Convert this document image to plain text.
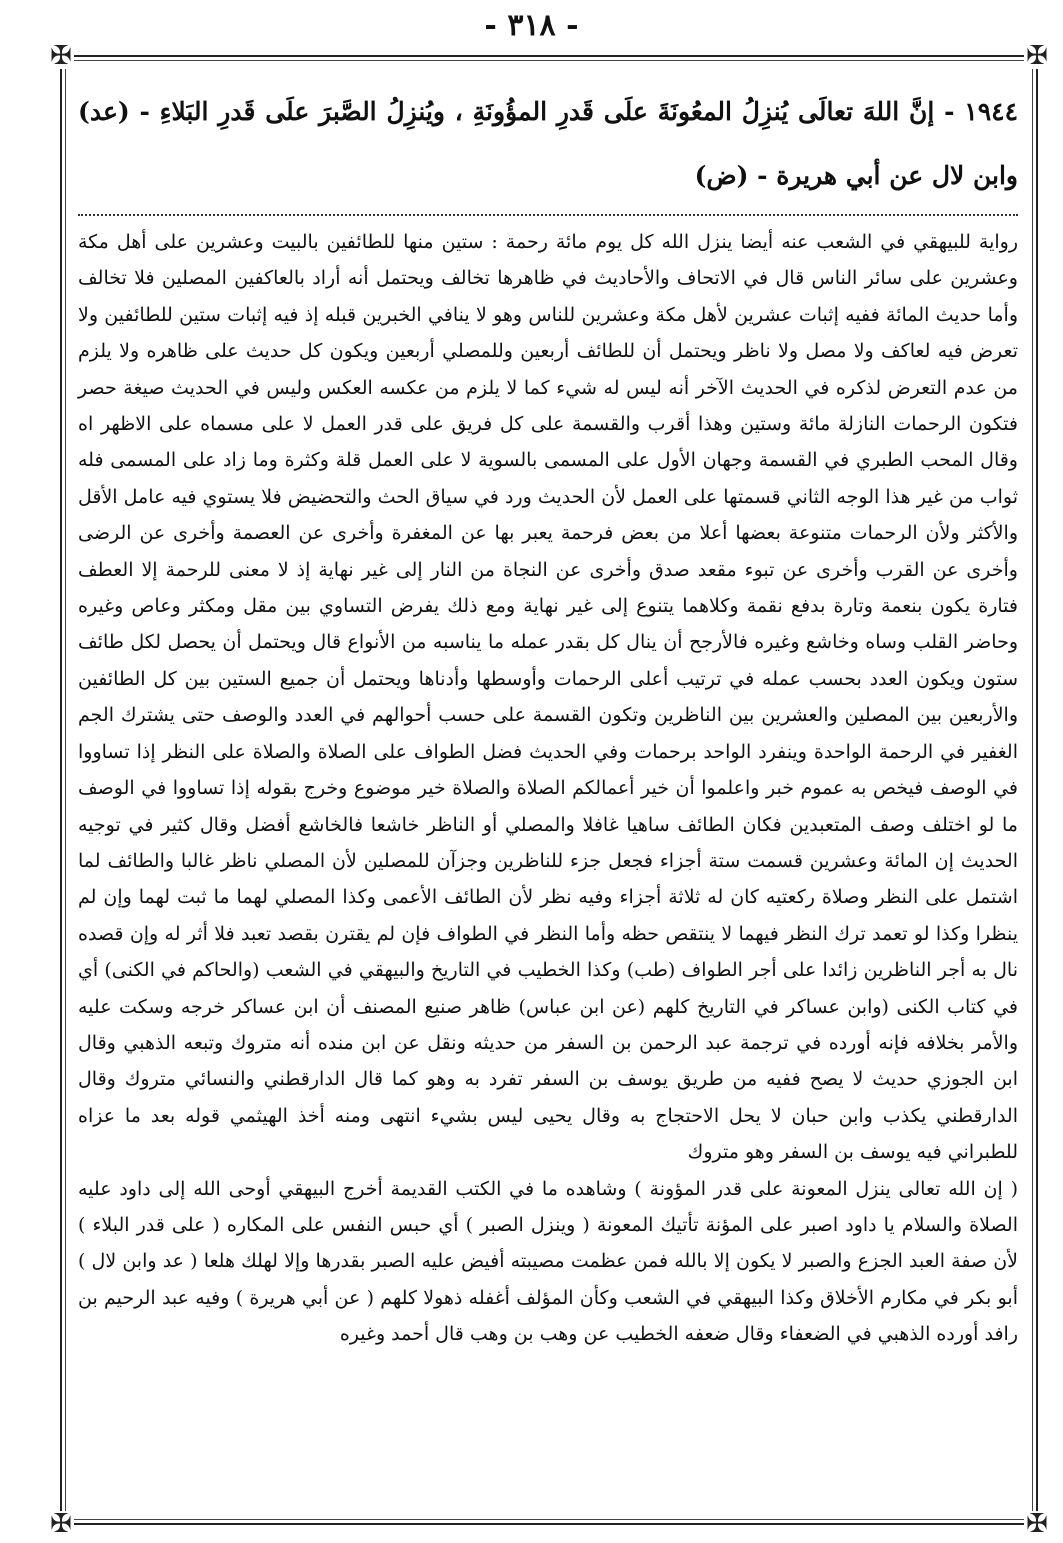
- ٣١٨ -
✠	✠
✠	✠

١٩٤٤ - إنَّ اللهَ تعالَى يُنزِلُ المعُونَةَ علَى قَدرِ المؤُونَةِ ، ويُنزِلُ الصَّبرَ علَى قَدرِ البَلاءِ - (عد) وابن لال عن أبي هريرة - (ض)

رواية للبيهقي في الشعب عنه أيضا ينزل الله كل يوم مائة رحمة : ستين منها للطائفين بالبيت وعشرين على أهل مكة وعشرين على سائر الناس قال في الاتحاف والأحاديث في ظاهرها تخالف ويحتمل أنه أراد بالعاكفين المصلين فلا تخالف وأما حديث المائة ففيه إثبات عشرين لأهل مكة وعشرين للناس وهو لا ينافي الخبرين قبله إذ فيه إثبات ستين للطائفين ولا تعرض فيه لعاكف ولا مصل ولا ناظر ويحتمل أن للطائف أربعين وللمصلي أربعين ويكون كل حديث على ظاهره ولا يلزم من عدم التعرض لذكره في الحديث الآخر أنه ليس له شيء كما لا يلزم من عكسه العكس وليس في الحديث صيغة حصر فتكون الرحمات النازلة مائة وستين وهذا أقرب والقسمة على كل فريق على قدر العمل لا على مسماه على الاظهر اه وقال المحب الطبري في القسمة وجهان الأول على المسمى بالسوية لا على العمل قلة وكثرة وما زاد على المسمى فله ثواب من غير هذا الوجه الثاني قسمتها على العمل لأن الحديث ورد في سياق الحث والتحضيض فلا يستوي فيه عامل الأقل والأكثر ولأن الرحمات متنوعة بعضها أعلا من بعض فرحمة يعبر بها عن المغفرة وأخرى عن العصمة وأخرى عن الرضى وأخرى عن القرب وأخرى عن تبوء مقعد صدق وأخرى عن النجاة من النار إلى غير نهاية إذ لا معنى للرحمة إلا العطف فتارة يكون بنعمة وتارة بدفع نقمة وكلاهما يتنوع إلى غير نهاية ومع ذلك يفرض التساوي بين مقل ومكثر وعاص وغيره وحاضر القلب وساه وخاشع وغيره فالأرجح أن ينال كل بقدر عمله ما يناسبه من الأنواع قال ويحتمل أن يحصل لكل طائف ستون ويكون العدد بحسب عمله في ترتيب أعلى الرحمات وأوسطها وأدناها ويحتمل أن جميع الستين بين كل الطائفين والأربعين بين المصلين والعشرين بين الناظرين وتكون القسمة على حسب أحوالهم في العدد والوصف حتى يشترك الجم الغفير في الرحمة الواحدة وينفرد الواحد برحمات وفي الحديث فضل الطواف على الصلاة والصلاة على النظر إذا تساووا في الوصف فيخص به عموم خبر واعلموا أن خير أعمالكم الصلاة والصلاة خير موضوع وخرج بقوله إذا تساووا في الوصف ما لو اختلف وصف المتعبدين فكان الطائف ساهيا غافلا والمصلي أو الناظر خاشعا فالخاشع أفضل وقال كثير في توجيه الحديث إن المائة وعشرين قسمت ستة أجزاء فجعل جزء للناظرين وجزآن للمصلين لأن المصلي ناظر غالبا والطائف لما اشتمل على النظر وصلاة ركعتيه كان له ثلاثة أجزاء وفيه نظر لأن الطائف الأعمى وكذا المصلي لهما ما ثبت لهما وإن لم ينظرا وكذا لو تعمد ترك النظر فيهما لا ينتقص حظه وأما النظر في الطواف فإن لم يقترن بقصد تعبد فلا أثر له وإن قصده نال به أجر الناظرين زائدا على أجر الطواف (طب) وكذا الخطيب في التاريخ والبيهقي في الشعب (والحاكم في الكنى) أي في كتاب الكنى (وابن عساكر في التاريخ كلهم (عن ابن عباس) ظاهر صنيع المصنف أن ابن عساكر خرجه وسكت عليه والأمر بخلافه فإنه أورده في ترجمة عبد الرحمن بن السفر من حديثه ونقل عن ابن منده أنه متروك وتبعه الذهبي وقال ابن الجوزي حديث لا يصح ففيه من طريق يوسف بن السفر تفرد به وهو كما قال الدارقطني والنسائي متروك وقال الدارقطني يكذب وابن حبان لا يحل الاحتجاج به وقال يحيى ليس بشيء انتهى ومنه أخذ الهيثمي قوله بعد ما عزاه للطبراني فيه يوسف بن السفر وهو متروك

( إن الله تعالى ينزل المعونة على قدر المؤونة ) وشاهده ما في الكتب القديمة أخرج البيهقي أوحى الله إلى داود عليه الصلاة والسلام يا داود اصبر على المؤنة تأتيك المعونة ( وينزل الصبر ) أي حبس النفس على المكاره ( على قدر البلاء ) لأن صفة العبد الجزع والصبر لا يكون إلا بالله فمن عظمت مصيبته أفيض عليه الصبر بقدرها وإلا لهلك هلعا ( عد وابن لال ) أبو بكر في مكارم الأخلاق وكذا البيهقي في الشعب وكأن المؤلف أغفله ذهولا كلهم ( عن أبي هريرة ) وفيه عبد الرحيم بن رافد أورده الذهبي في الضعفاء وقال ضعفه الخطيب عن وهب بن وهب قال أحمد وغيره
